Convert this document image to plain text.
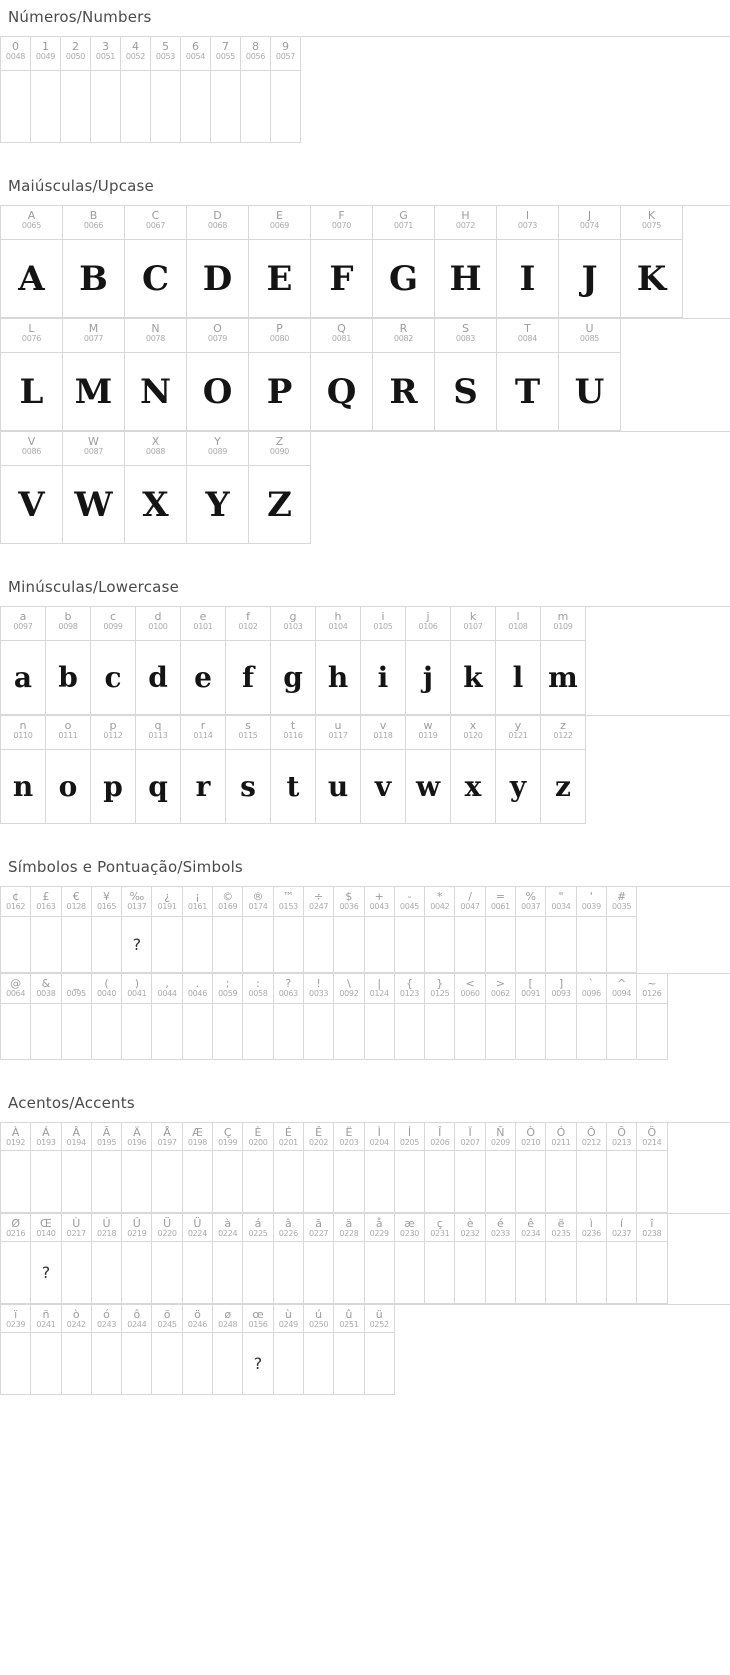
Números/Numbers
0
0048
1
0049
2
0050
3
0051
4
0052
5
0053
6
0054
7
0055
8
0056
9
0057
Maiúsculas/Upcase
A
0065
B
0066
C
0067
D
0068
E
0069
F
0070
G
0071
H
0072
I
0073
J
0074
K
0075
A B C D E F G H I J K
L
0076
M
0077
N
0078
O
0079
P
0080
Q
0081
R
0082
S
0083
T
0084
U
0085
L M N O P Q R S T U
V
0086
W
0087
X
0088
Y
0089
Z
0090
V W X Y Z
Minúsculas/Lowercase
a
0097
b
0098
c
0099
d
0100
e
0101
f
0102
g
0103
h
0104
i
0105
j
0106
k
0107
l
0108
m
0109
a b c d e f g h i j k l m
n
0110
o
0111
p
0112
q
0113
r
0114
s
0115
t
0116
u
0117
v
0118
w
0119
x
0120
y
0121
z
0122
n o p q r s t u v w x y z
Símbolos e Pontuação/Simbols
¢
0162
£
0163
€
0128
¥
0165
‰
0137
¿
0191
¡
0161
©
0169
®
0174
™
0153
÷
0247
$
0036
+
0043
-
0045
*
0042
/
0047
=
0061
%
0037
"
0034
'
0039
#
0035
?
@
0064
&
0038
_
0095
(
0040
)
0041
,
0044
.
0046
;
0059
:
0058
?
0063
!
0033
\
0092
|
0124
{
0123
}
0125
<
0060
>
0062
[
0091
]
0093
`
0096
^
0094
~
0126
Acentos/Accents
À
0192
Á
0193
Â
0194
Ã
0195
Ä
0196
Å
0197
Æ
0198
Ç
0199
È
0200
É
0201
Ê
0202
Ë
0203
Ì
0204
Í
0205
Î
0206
Ï
0207
Ñ
0209
Ò
0210
Ó
0211
Ô
0212
Õ
0213
Ö
0214
Ø
0216
Œ
0140
Ù
0217
Ú
0218
Û
0219
Ü
0220
Ü
0224
à
0224
á
0225
â
0226
ã
0227
ä
0228
å
0229
æ
0230
ç
0231
è
0232
é
0233
ê
0234
ë
0235
ì
0236
í
0237
î
0238
?
ï
0239
ñ
0241
ò
0242
ó
0243
ô
0244
õ
0245
ö
0246
ø
0248
œ
0156
ù
0249
ú
0250
û
0251
ü
0252
?
